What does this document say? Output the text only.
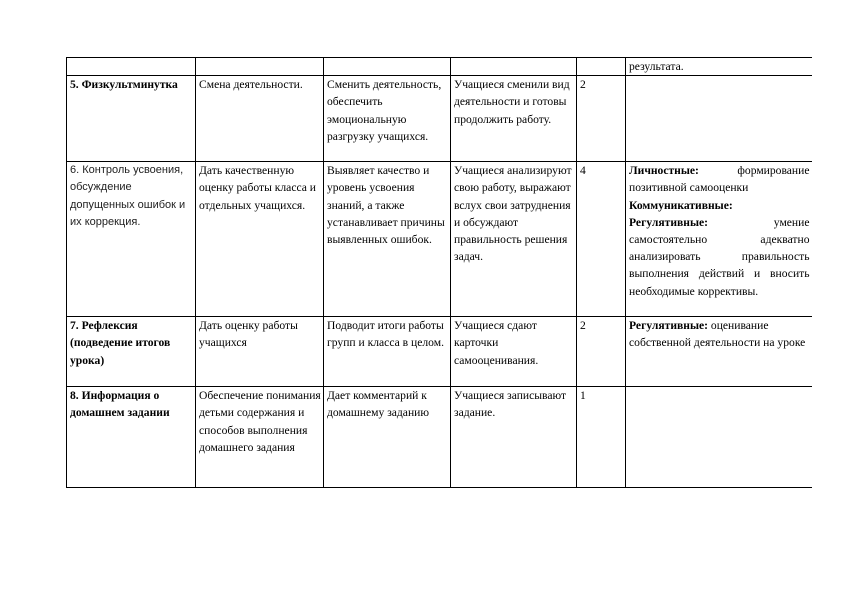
					результата.
5. Физкультминутка	Смена деятельности.	Сменить деятельность, обеспечить эмоциональную разгрузку учащихся.	Учащиеся сменили вид деятельности и готовы продолжить работу.	2	
6. Контроль усвоения, обсуждение допущенных ошибок и их коррекция.	Дать качественную оценку работы класса и отдельных учащихся.	Выявляет качество и уровень усвоения знаний, а также устанавливает причины выявленных ошибок.	Учащиеся анализируют свою работу, выражают вслух свои затруднения и обсуждают правильность решения задач.	4	Личностные: формирование позитивной самооценки
Коммуникативные:
Регулятивные: умение самостоятельно адекватно анализировать правильность выполнения действий и вносить необходимые коррективы.

7. Рефлексия (подведение итогов урока)	Дать оценку работы учащихся	Подводит итоги работы групп и класса в целом.	Учащиеся сдают карточки самооценивания.	2	Регулятивные: оценивание собственной деятельности на уроке
8. Информация о домашнем задании	Обеспечение понимания детьми содержания и способов выполнения домашнего задания	Дает комментарий к домашнему заданию	Учащиеся записывают задание.	1	
